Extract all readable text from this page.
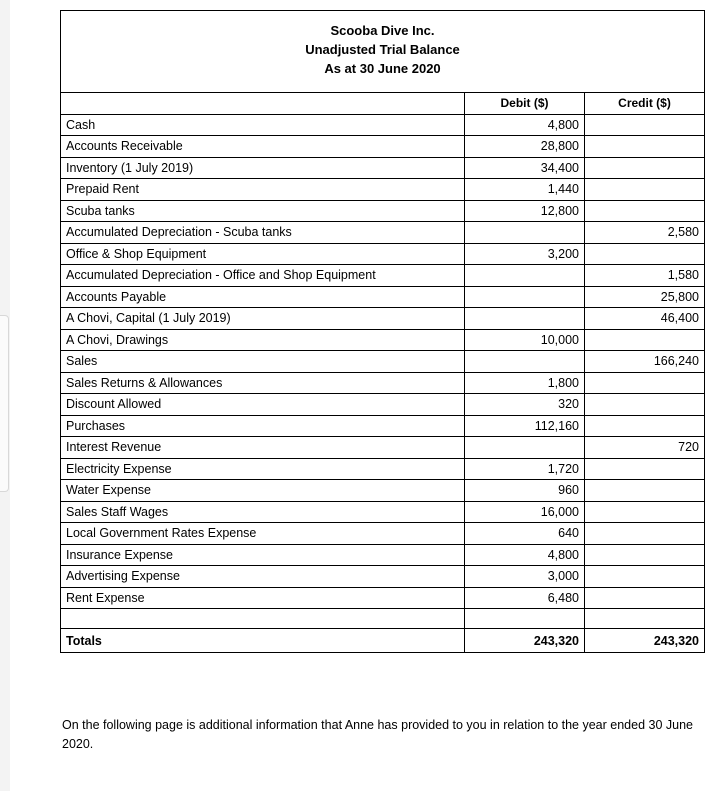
Scooba Dive Inc.
Unadjusted Trial Balance
As at 30 June 2020
	Debit ($)	Credit ($)
Cash	4,800	
Accounts Receivable	28,800	
Inventory (1 July 2019)	34,400	
Prepaid Rent	1,440	
Scuba tanks	12,800	
Accumulated Depreciation - Scuba tanks		2,580
Office & Shop Equipment	3,200	
Accumulated Depreciation - Office and Shop Equipment		1,580
Accounts Payable		25,800
A Chovi, Capital (1 July 2019)		46,400
A Chovi, Drawings	10,000	
Sales		166,240
Sales Returns & Allowances	1,800	
Discount Allowed	320	
Purchases	112,160	
Interest Revenue		720
Electricity Expense	1,720	
Water Expense	960	
Sales Staff Wages	16,000	
Local Government Rates Expense	640	
Insurance Expense	4,800	
Advertising Expense	3,000	
Rent Expense	6,480	

Totals	243,320	243,320
On the following page is additional information that Anne has provided to you in relation to the year ended 30 June 2020.
